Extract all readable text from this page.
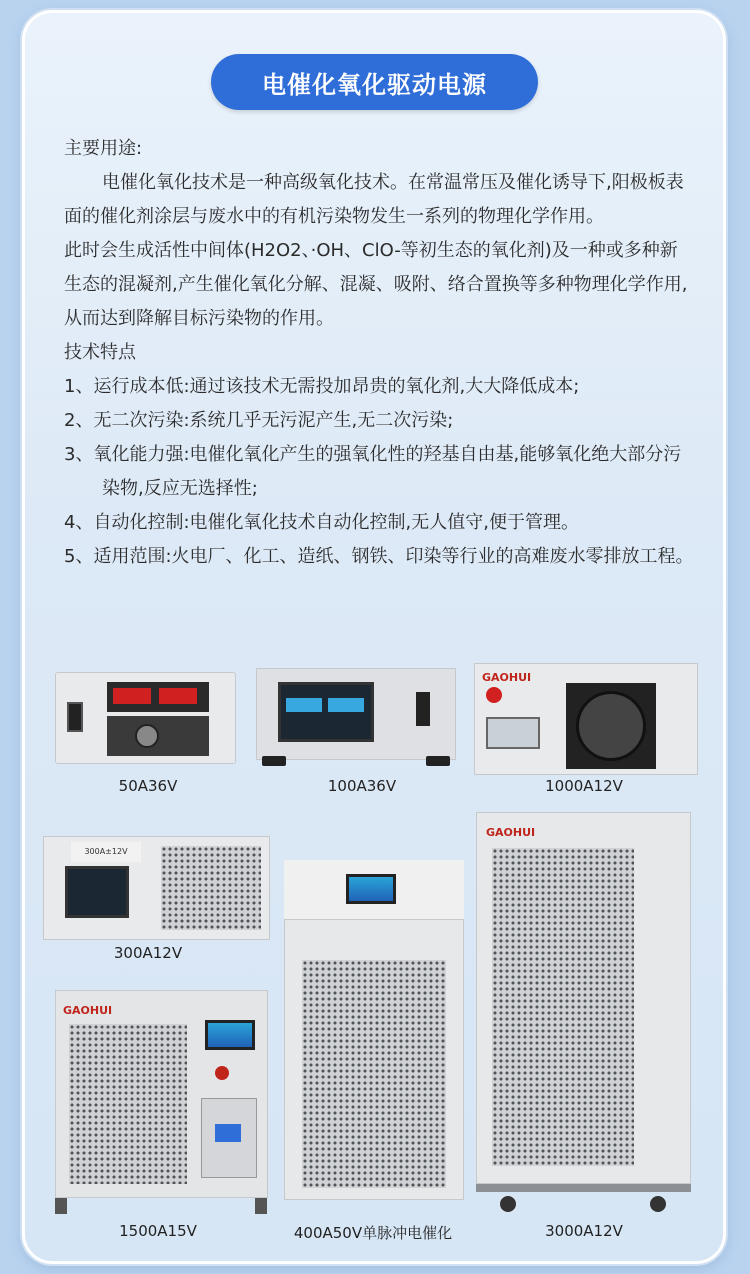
电催化氧化驱动电源

主要用途:

电催化氧化技术是一种高级氧化技术。在常温常压及催化诱导下,阳极板表面的催化剂涂层与废水中的有机污染物发生一系列的物理化学作用。

此时会生成活性中间体(H2O2、·OH、ClO-等初生态的氧化剂)及一种或多种新生态的混凝剂,产生催化氧化分解、混凝、吸附、络合置换等多种物理化学作用,从而达到降解目标污染物的作用。

技术特点

1、运行成本低:通过该技术无需投加昂贵的氧化剂,大大降低成本;

2、无二次污染:系统几乎无污泥产生,无二次污染;

3、氧化能力强:电催化氧化产生的强氧化性的羟基自由基,能够氧化绝大部分污染物,反应无选择性;

4、自动化控制:电催化氧化技术自动化控制,无人值守,便于管理。

5、适用范围:火电厂、化工、造纸、钢铁、印染等行业的高难废水零排放工程。

50A36V	100A36V
GAOHUI
1000A12V
300A±12V
300A12V
GAOHUI
1500A15V	400A50V单脉冲电催化
GAOHUI
3000A12V
